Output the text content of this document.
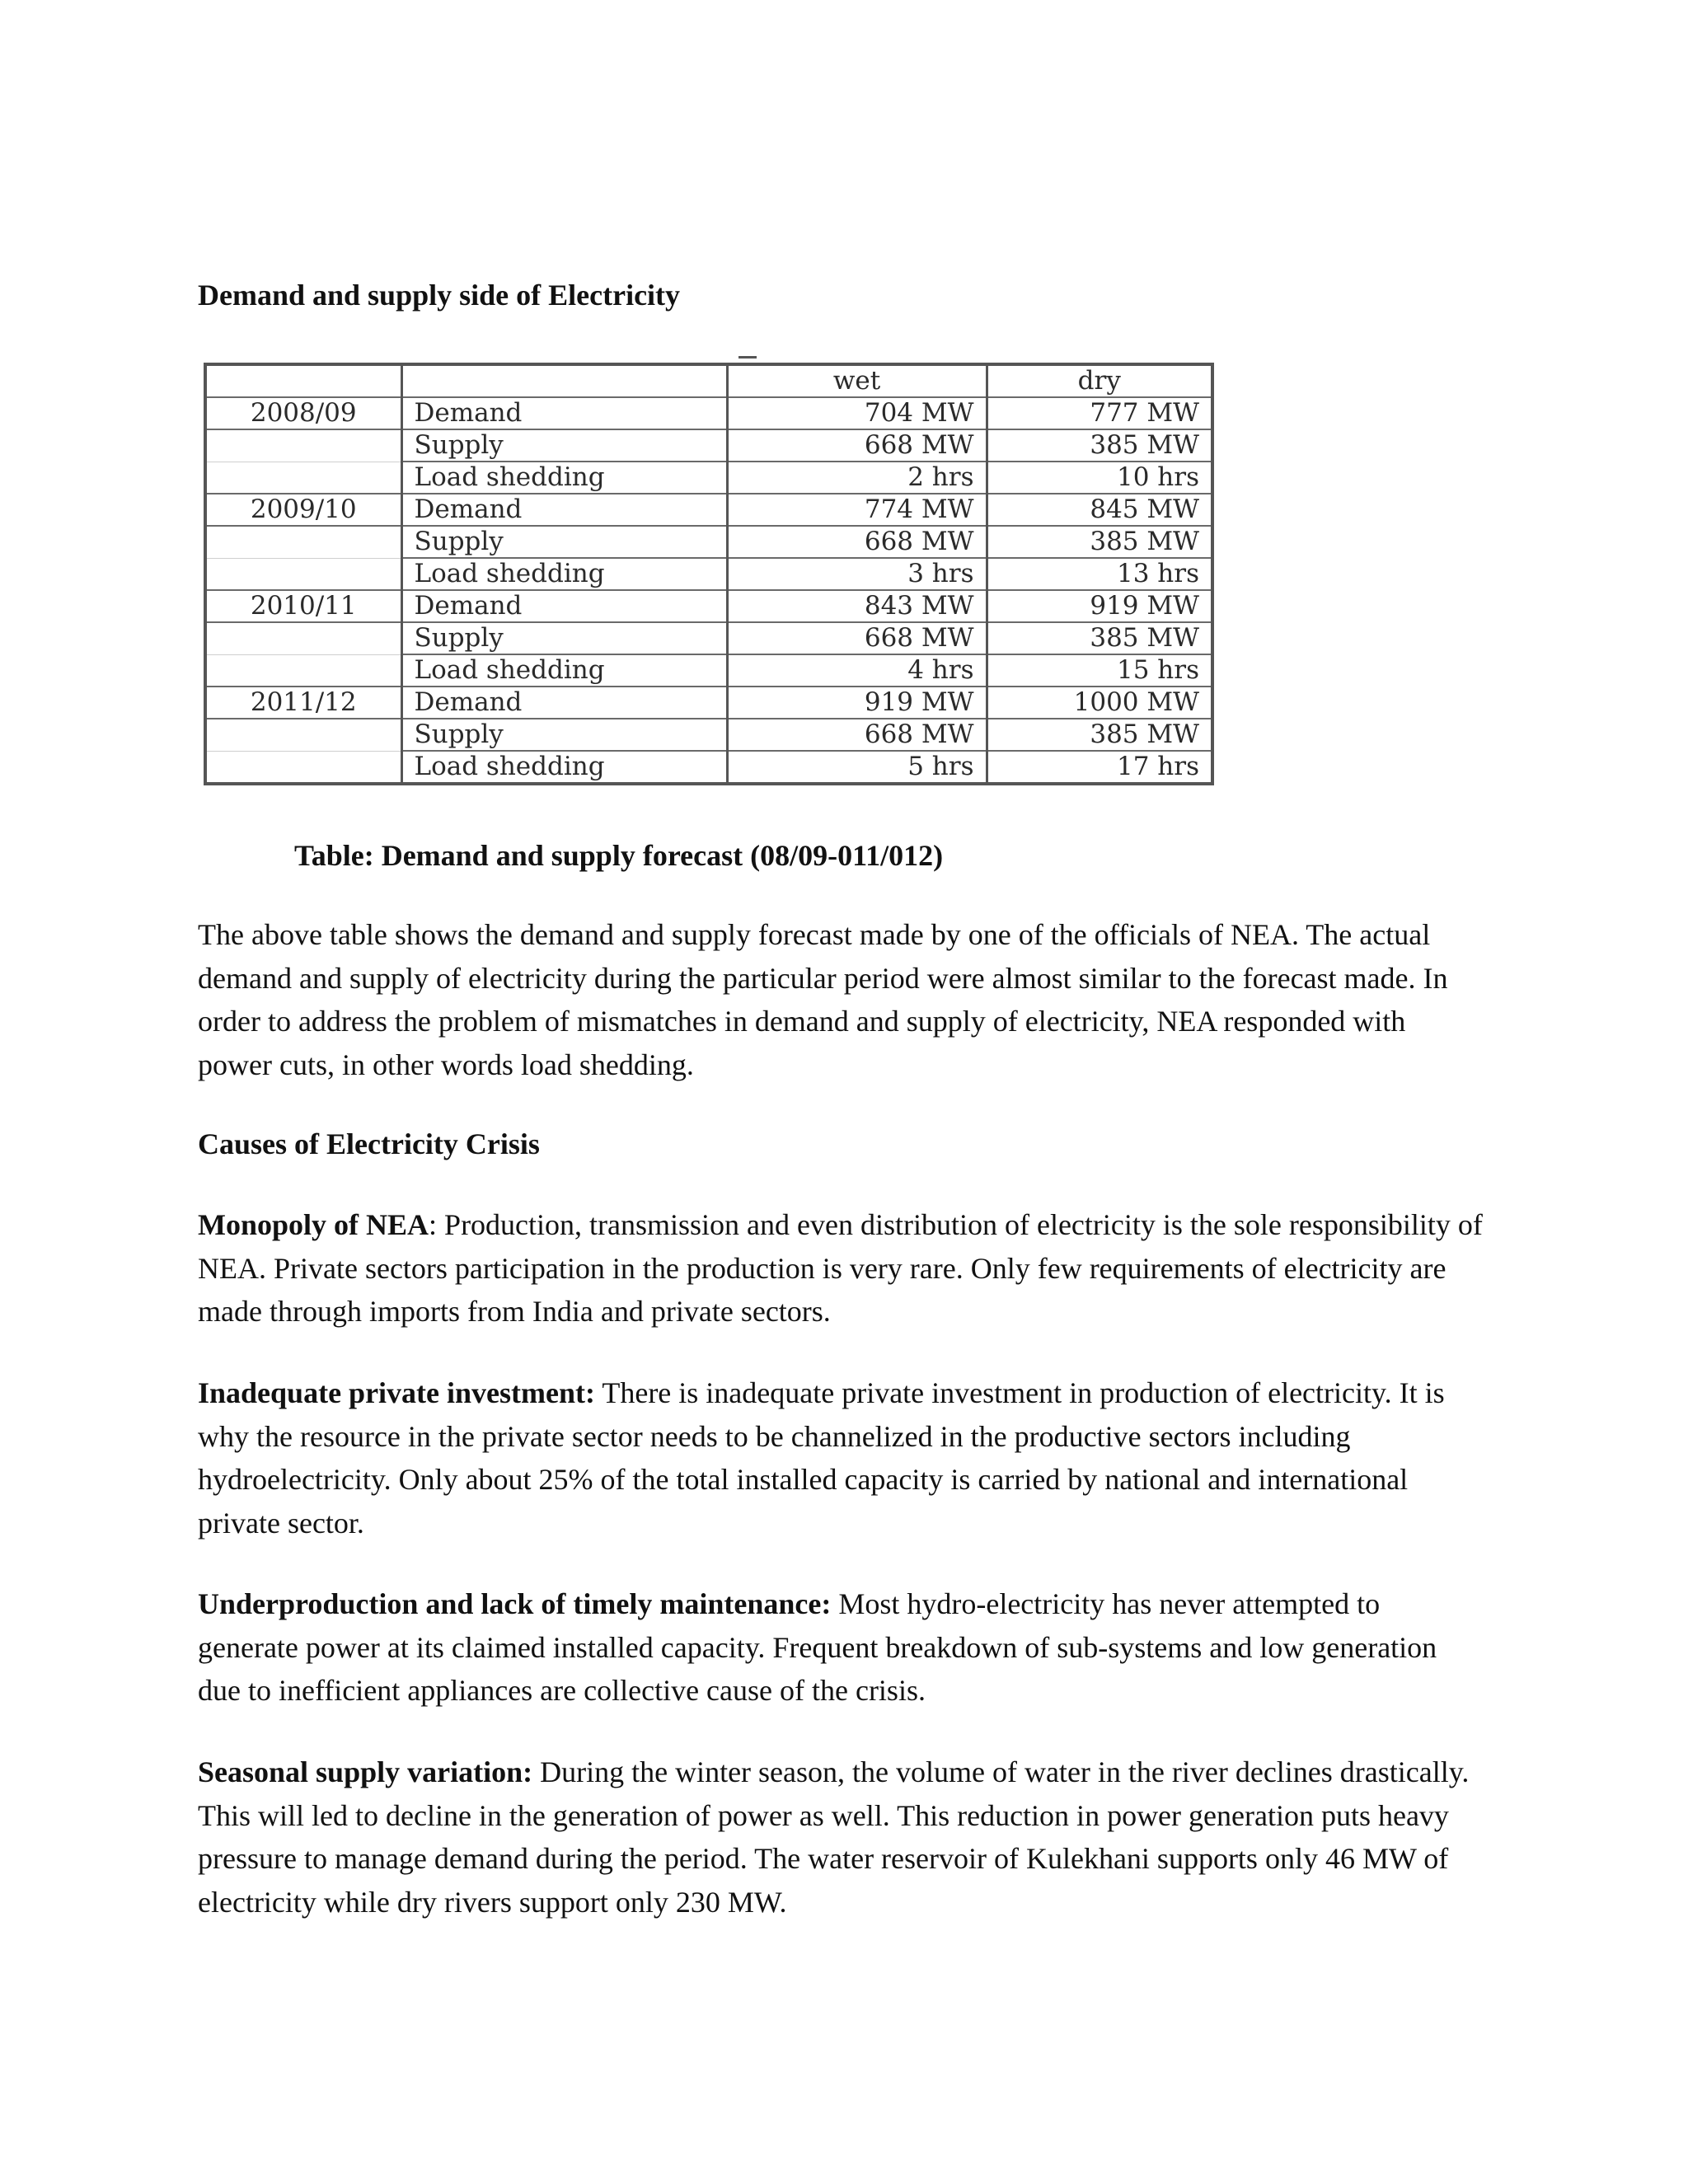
Demand and supply side of Electricity
		wet	dry
2008/09	Demand	704 MW	777 MW
	Supply	668 MW	385 MW
	Load shedding	2 hrs	10 hrs
2009/10	Demand	774 MW	845 MW
	Supply	668 MW	385 MW
	Load shedding	3 hrs	13 hrs
2010/11	Demand	843 MW	919 MW
	Supply	668 MW	385 MW
	Load shedding	4 hrs	15 hrs
2011/12	Demand	919 MW	1000 MW
	Supply	668 MW	385 MW
	Load shedding	5 hrs	17 hrs
Table: Demand and supply forecast (08/09-011/012)
The above table shows the demand and supply forecast made by one of the officials of NEA. The actual demand and supply of electricity during the particular period were almost similar to the forecast made. In order to address the problem of mismatches in demand and supply of electricity, NEA responded with power cuts, in other words load shedding.
Causes of Electricity Crisis
Monopoly of NEA: Production, transmission and even distribution of electricity is the sole responsibility of NEA. Private sectors participation in the production is very rare. Only few requirements of electricity are made through imports from India and private sectors.
Inadequate private investment: There is inadequate private investment in production of electricity. It is why the resource in the private sector needs to be channelized in the productive sectors including hydroelectricity. Only about 25% of the total installed capacity is carried by national and international private sector.
Underproduction and lack of timely maintenance: Most hydro-electricity has never attempted to generate power at its claimed installed capacity. Frequent breakdown of sub-systems and low generation due to inefficient appliances are collective cause of the crisis.
Seasonal supply variation: During the winter season, the volume of water in the river declines drastically. This will led to decline in the generation of power as well. This reduction in power generation puts heavy pressure to manage demand during the period. The water reservoir of Kulekhani supports only 46 MW of electricity while dry rivers support only 230 MW.
